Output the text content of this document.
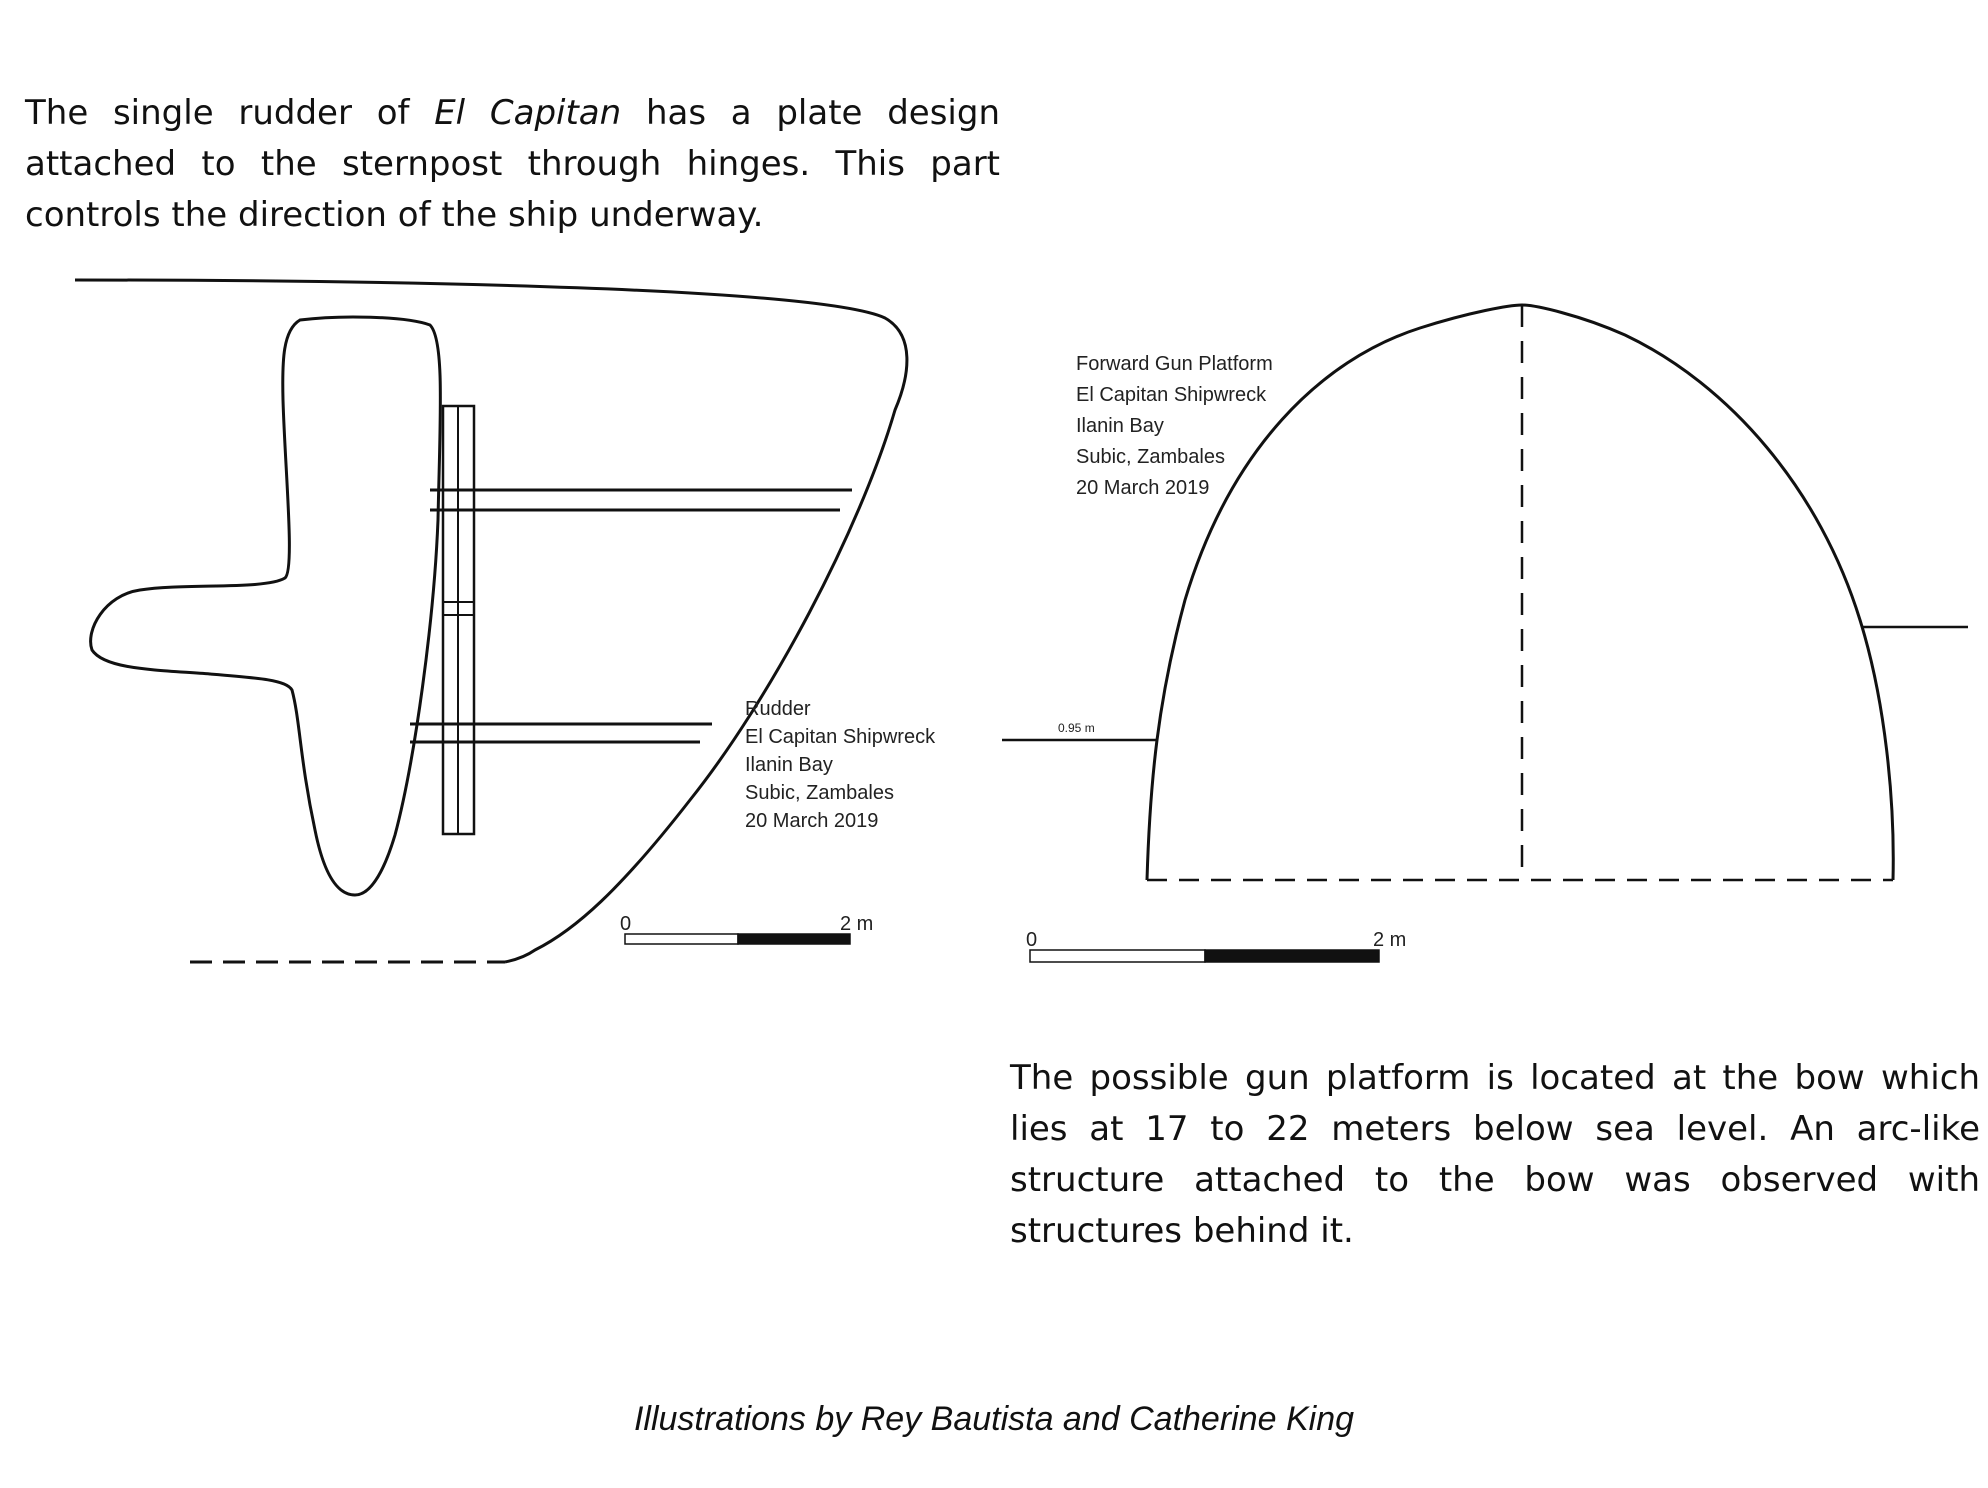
The single rudder of El Capitan has a plate design attached to the sternpost through hinges. This part controls the direction of the ship underway.

Rudder
El Capitan Shipwreck
Ilanin Bay
Subic, Zambales
20 March 2019
0	2 m
0.95 m
Forward Gun Platform
El Capitan Shipwreck
Ilanin Bay
Subic, Zambales
20 March 2019
0	2 m

The possible gun platform is located at the bow which lies at 17 to 22 meters below sea level. An arc-like structure attached to the bow was observed with structures behind it.

Illustrations by Rey Bautista and Catherine King
